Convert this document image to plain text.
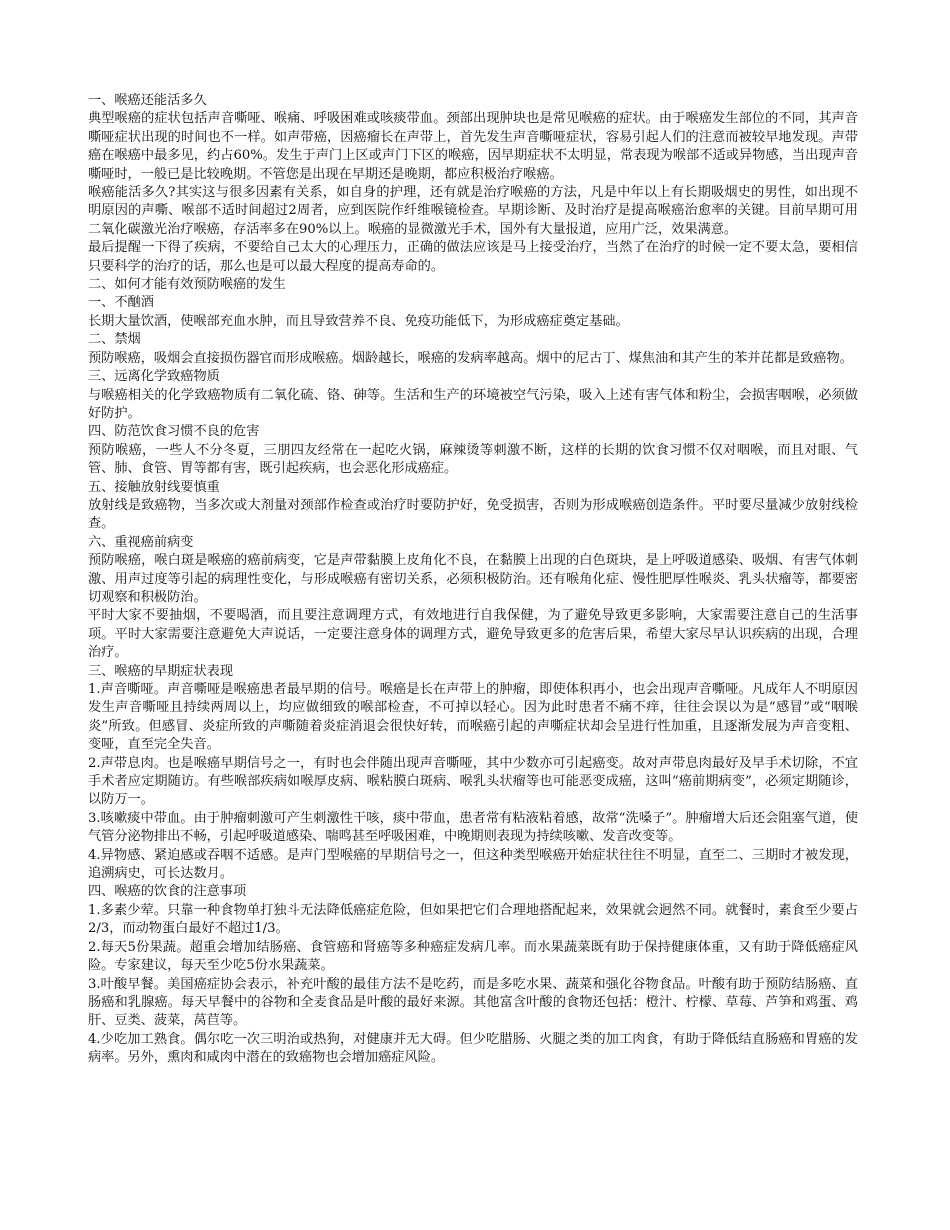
一、喉癌还能活多久

典型喉癌的症状包括声音嘶哑、喉痛、呼吸困难或咳痰带血。颈部出现肿块也是常见喉癌的症状。由于喉癌发生部位的不同，其声音嘶哑症状出现的时间也不一样。如声带癌，因癌瘤长在声带上，首先发生声音嘶哑症状，容易引起人们的注意而被较早地发现。声带癌在喉癌中最多见，约占60%。发生于声门上区或声门下区的喉癌，因早期症状不太明显，常表现为喉部不适或异物感，当出现声音嘶哑时，一般已是比较晚期。不管您是出现在早期还是晚期，都应积极治疗喉癌。

喉癌能活多久?其实这与很多因素有关系，如自身的护理，还有就是治疗喉癌的方法，凡是中年以上有长期吸烟史的男性，如出现不明原因的声嘶、喉部不适时间超过2周者，应到医院作纤维喉镜检查。早期诊断、及时治疗是提高喉癌治愈率的关键。目前早期可用二氧化碳激光治疗喉癌，存活率多在90%以上。喉癌的显微激光手术，国外有大量报道，应用广泛，效果满意。

最后提醒一下得了疾病，不要给自己太大的心理压力，正确的做法应该是马上接受治疗，当然了在治疗的时候一定不要太急，要相信只要科学的治疗的话，那么也是可以最大程度的提高寿命的。

二、如何才能有效预防喉癌的发生

一、不酗酒

长期大量饮酒，使喉部充血水肿，而且导致营养不良、免疫功能低下，为形成癌症奠定基础。

二、禁烟

预防喉癌，吸烟会直接损伤器官而形成喉癌。烟龄越长，喉癌的发病率越高。烟中的尼古丁、煤焦油和其产生的苯并芘都是致癌物。

三、远离化学致癌物质

与喉癌相关的化学致癌物质有二氧化硫、铬、砷等。生活和生产的环境被空气污染，吸入上述有害气体和粉尘，会损害咽喉，必须做好防护。

四、防范饮食习惯不良的危害

预防喉癌，一些人不分冬夏，三朋四友经常在一起吃火锅，麻辣烫等刺激不断，这样的长期的饮食习惯不仅对咽喉，而且对眼、气管、肺、食管、胃等都有害，既引起疾病，也会恶化形成癌症。

五、接触放射线要慎重

放射线是致癌物，当多次或大剂量对颈部作检查或治疗时要防护好，免受损害，否则为形成喉癌创造条件。平时要尽量减少放射线检查。

六、重视癌前病变

预防喉癌，喉白斑是喉癌的癌前病变，它是声带黏膜上皮角化不良，在黏膜上出现的白色斑块，是上呼吸道感染、吸烟、有害气体刺激、用声过度等引起的病理性变化，与形成喉癌有密切关系，必须积极防治。还有喉角化症、慢性肥厚性喉炎、乳头状瘤等，都要密切观察和积极防治。

平时大家不要抽烟，不要喝酒，而且要注意调理方式，有效地进行自我保健，为了避免导致更多影响，大家需要注意自己的生活事项。平时大家需要注意避免大声说话，一定要注意身体的调理方式，避免导致更多的危害后果，希望大家尽早认识疾病的出现，合理治疗。

三、喉癌的早期症状表现

1.声音嘶哑。声音嘶哑是喉癌患者最早期的信号。喉癌是长在声带上的肿瘤，即使体积再小，也会出现声音嘶哑。凡成年人不明原因发生声音嘶哑且持续两周以上，均应做细致的喉部检查，不可掉以轻心。因为此时患者不痛不痒，往往会误以为是“感冒”或“咽喉炎”所致。但感冒、炎症所致的声嘶随着炎症消退会很快好转，而喉癌引起的声嘶症状却会呈进行性加重，且逐渐发展为声音变粗、变哑，直至完全失音。

2.声带息肉。也是喉癌早期信号之一，有时也会伴随出现声音嘶哑，其中少数亦可引起癌变。故对声带息肉最好及早手术切除，不宜手术者应定期随访。有些喉部疾病如喉厚皮病、喉粘膜白斑病、喉乳头状瘤等也可能恶变成癌，这叫“癌前期病变”，必须定期随诊，以防万一。

3.咳嗽痰中带血。由于肿瘤刺激可产生刺激性干咳，痰中带血，患者常有粘液粘着感，故常“洗嗓子”。肿瘤增大后还会阻塞气道，使气管分泌物排出不畅，引起呼吸道感染、喘鸣甚至呼吸困难，中晚期则表现为持续咳嗽、发音改变等。

4.异物感、紧迫感或吞咽不适感。是声门型喉癌的早期信号之一，但这种类型喉癌开始症状往往不明显，直至二、三期时才被发现，追溯病史，可长达数月。

四、喉癌的饮食的注意事项

1.多素少荤。只靠一种食物单打独斗无法降低癌症危险，但如果把它们合理地搭配起来，效果就会迥然不同。就餐时，素食至少要占2/3，而动物蛋白最好不超过1/3。

2.每天5份果蔬。超重会增加结肠癌、食管癌和肾癌等多种癌症发病几率。而水果蔬菜既有助于保持健康体重，又有助于降低癌症风险。专家建议，每天至少吃5份水果蔬菜。

3.叶酸早餐。美国癌症协会表示，补充叶酸的最佳方法不是吃药，而是多吃水果、蔬菜和强化谷物食品。叶酸有助于预防结肠癌、直肠癌和乳腺癌。每天早餐中的谷物和全麦食品是叶酸的最好来源。其他富含叶酸的食物还包括：橙汁、柠檬、草莓、芦笋和鸡蛋、鸡肝、豆类、菠菜，莴苣等。

4.少吃加工熟食。偶尔吃一次三明治或热狗，对健康并无大碍。但少吃腊肠、火腿之类的加工肉食，有助于降低结直肠癌和胃癌的发病率。另外，熏肉和咸肉中潜在的致癌物也会增加癌症风险。
